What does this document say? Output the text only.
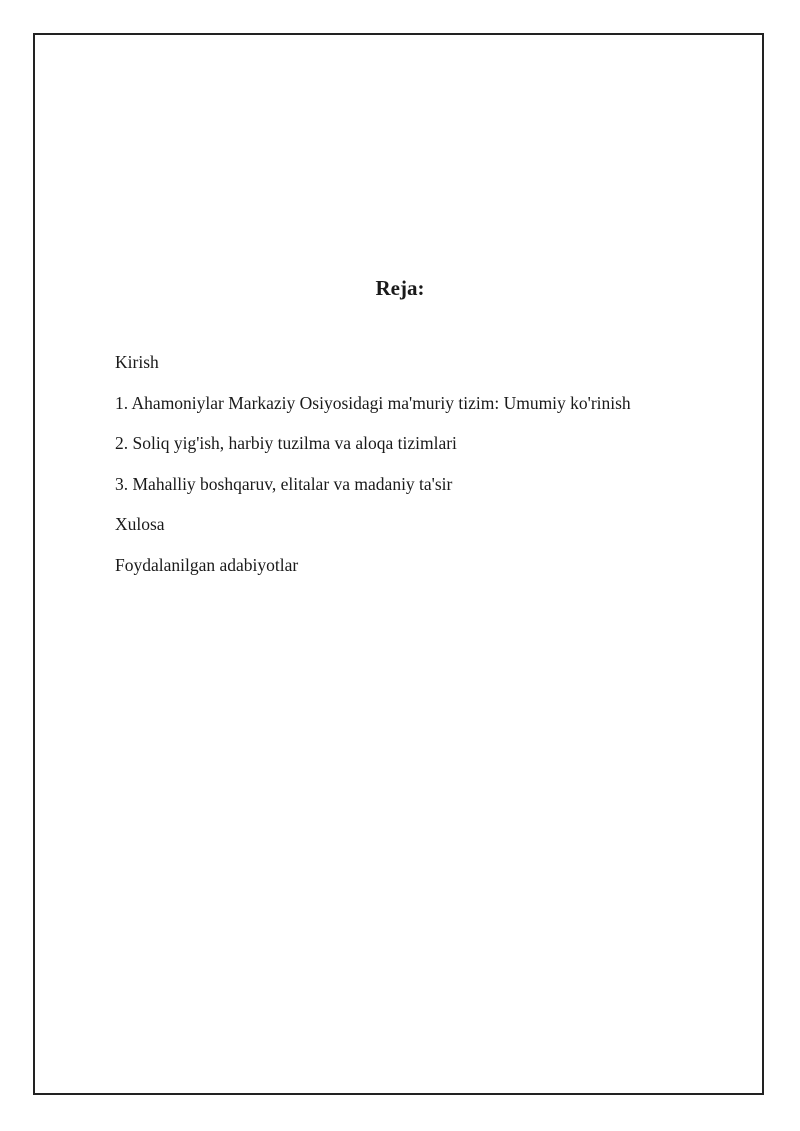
Reja:
Kirish
1. Ahamoniylar Markaziy Osiyosidagi ma'muriy tizim: Umumiy ko'rinish
2. Soliq yig'ish, harbiy tuzilma va aloqa tizimlari
3. Mahalliy boshqaruv, elitalar va madaniy ta'sir
Xulosa
Foydalanilgan adabiyotlar
